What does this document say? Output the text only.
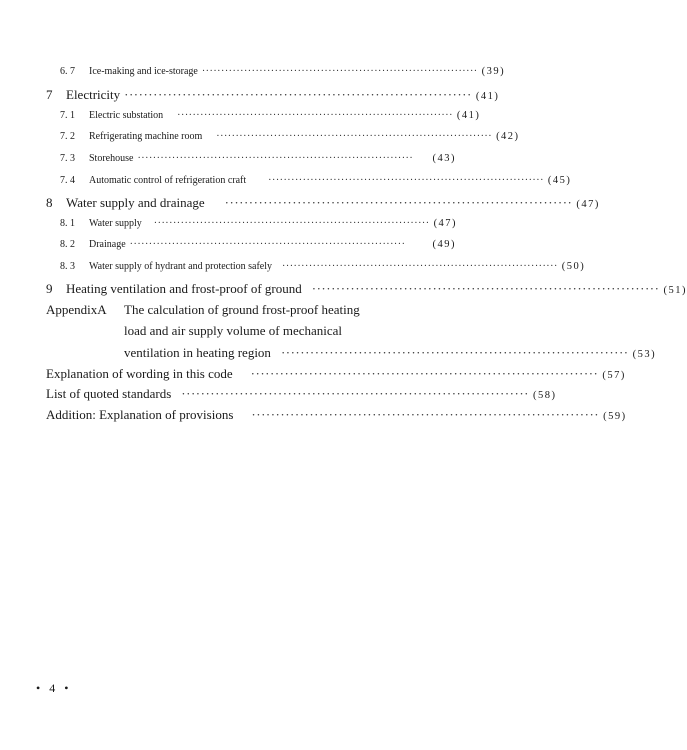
6. 7	Ice-making and ice-storage ········································································ (39)
7	Electricity ········································································ (41)
7. 1	Electric substation ········································································ (41)
7. 2	Refrigerating machine room ········································································ (42)
7. 3	Storehouse ········································································	(43)
7. 4	Automatic control of refrigeration craft ········································································ (45)
8	Water supply and drainage ········································································ (47)
8. 1	Water supply ········································································ (47)
8. 2	Drainage ········································································	(49)
8. 3	Water supply of hydrant and protection safely ········································································ (50)
9	Heating ventilation and frost-proof of ground ········································································ (51)
AppendixA The calculation of ground frost-proof heating
load and air supply volume of mechanical
ventilation in heating region ········································································ (53)
Explanation of wording in this code ········································································ (57)
List of quoted standards ········································································ (58)
Addition: Explanation of provisions ········································································ (59)
• 4 •
